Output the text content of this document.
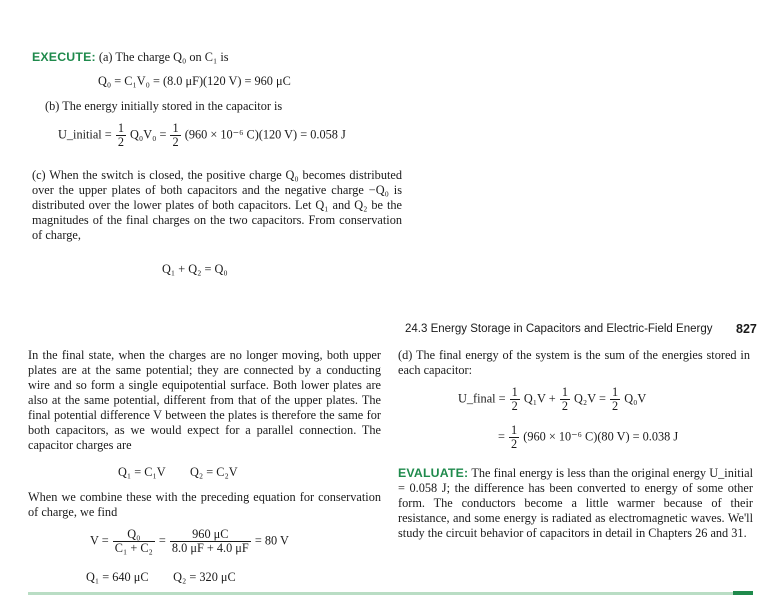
EXECUTE: (a) The charge Q₀ on C₁ is
Q₀ = C₁V₀ = (8.0 μF)(120 V) = 960 μC
(b) The energy initially stored in the capacitor is
U_initial = $\frac{1}{2} Q_0V_0 = \frac{1}{2} (960 \times 10^{-6}$ C)(120 V) = 0.058 J
(c) When the switch is closed, the positive charge Q₀ becomes distributed over the upper plates of both capacitors and the negative charge −Q₀ is distributed over the lower plates of both capacitors. Let Q₁ and Q₂ be the magnitudes of the final charges on the two capacitors. From conservation of charge,
Q₁ + Q₂ = Q₀
24.3 Energy Storage in Capacitors and Electric-Field Energy 827
In the final state, when the charges are no longer moving, both upper plates are at the same potential; they are connected by a conducting wire and so form a single equipotential surface. Both lower plates are also at the same potential, different from that of the upper plates. The final potential difference V between the plates is therefore the same for both capacitors, as we would expect for a parallel connection. The capacitor charges are
Q₁ = C₁V        Q₂ = C₂V
When we combine these with the preceding equation for conservation of charge, we find
$V = \frac{\text{Q₀}}{\text{C₁ + C₂}} = \frac{960 \mu C}{8.0 \mu F + 4.0 \mu F} = 80$ V
Q₁ = 640 μC        Q₂ = 320 μC
(d) The final energy of the system is the sum of the energies stored in each capacitor:
U_final = $\frac{1}{2} Q_1V + \frac{1}{2} Q_2V = \frac{1}{2} Q_0V$
= $\frac{1}{2} (960 \times 10^{-6}$ C)(80 V) = 0.038 J
EVALUATE: The final energy is less than the original energy U_initial = 0.058 J; the difference has been converted to energy of some other form. The conductors become a little warmer because of their resistance, and some energy is radiated as electromagnetic waves. We'll study the circuit behavior of capacitors in detail in Chapters 26 and 31.
